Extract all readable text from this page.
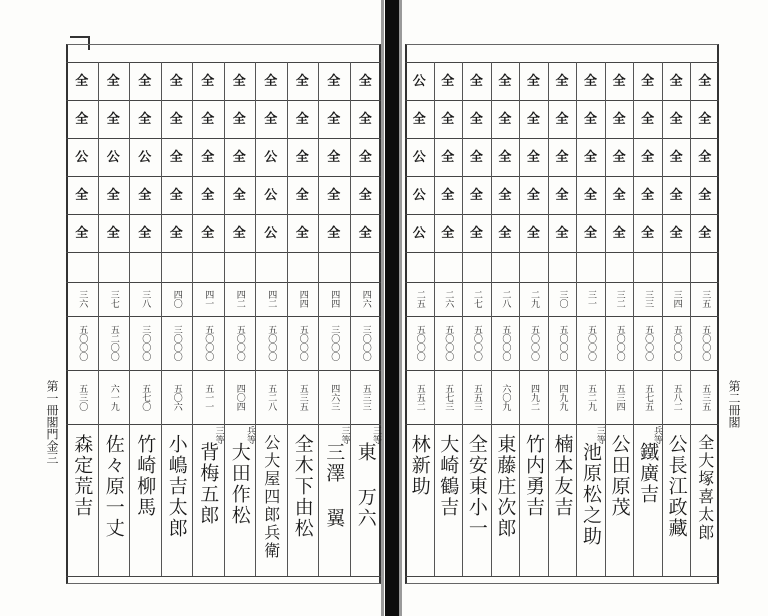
第一冊閣門金三	第二冊閣
全
全
全
全
全
四六
三〇〇〇
五三三
三等
東 万六
全
全
全
全
全
四四
三〇〇〇
四六三
三等
三澤 翼
全
全
全
全
全
四四
五〇〇〇
五三五
全木下由松
全
全
公
公
公
四二
五〇〇〇
五二八
公大屋四郎兵衛
全
全
全
全
全
四二
五〇〇〇
四〇四
兵等
大田作松
全
全
全
全
全
四一
五〇〇〇
五一一
三等
背梅五郎
全
全
全
全
全
四〇
三〇〇〇
五〇六
小嶋吉太郎
全
全
公
全
全
三八
三〇〇〇
五七〇
竹崎柳馬
全
全
公
全
全
三七
五二〇〇
六一九
佐々原一丈
全
全
公
全
全
三六
五〇〇〇
五三〇
森定荒吉
全
全
全
全
全
三五
五〇〇〇
五三五
全大塚喜太郎
全
全
全
全
全
三四
五〇〇〇
五八二
公長江政藏
全
全
全
全
全
三三
五〇〇〇
五七五
兵等
鐵廣吉
全
全
全
全
全
三二
五〇〇〇
五三四
公田原茂
全
全
全
全
全
三一
五〇〇〇
五二九
三等
池原松之助
全
全
全
全
全
三〇
五〇〇〇
四九九
楠本友吉
全
全
全
全
全
二九
五〇〇〇
四九二
竹内勇吉
全
全
全
全
全
二八
五〇〇〇
六〇九
東藤庄次郎
全
全
全
全
全
二七
五〇〇〇
五五三
全安東小一
全
全
全
全
全
二六
五〇〇〇
五七三
大崎鶴吉
公
全
公
公
公
二五
五〇〇〇
五五二
林新助
